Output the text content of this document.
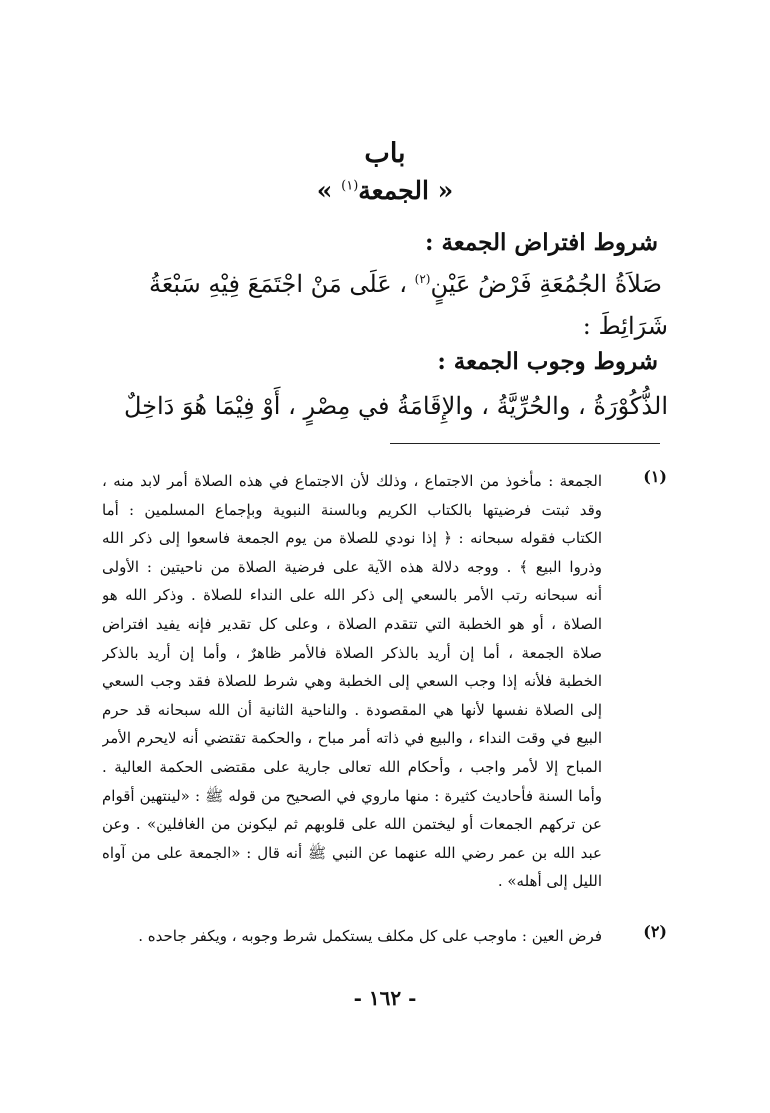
باب
« الجمعة$^{(١)}$ »
شروط افتراض الجمعة :
صَلاَةُ الجُمُعَةِ فَرْضُ عَيْنٍ$^{(٢)}$ ، عَلَى مَنْ اجْتَمَعَ فِيْهِ سَبْعَةُ
شَرَائِطَ :
شروط وجوب الجمعة :
الذُّكُوْرَةُ ، والحُرِّيَّةُ ، والإِقَامَةُ في مِصْرٍ ، أَوْ فِيْمَا هُوَ دَاخِلٌ
(١)
الجمعة : مأخوذ من الاجتماع ، وذلك لأن الاجتماع في هذه الصلاة أمر لابد منه ،
وقد ثبتت فرضيتها بالكتاب الكريم وبالسنة النبوية وبإجماع المسلمين : أما
الكتاب فقوله سبحانه : ﴿ إذا نودي للصلاة من يوم الجمعة فاسعوا إلى ذكر الله
وذروا البيع ﴾ . ووجه دلالة هذه الآية على فرضية الصلاة من ناحيتين : الأولى
أنه سبحانه رتب الأمر بالسعي إلى ذكر الله على النداء للصلاة . وذكر الله هو
الصلاة ، أو هو الخطبة التي تتقدم الصلاة ، وعلى كل تقدير فإنه يفيد افتراض
صلاة الجمعة ، أما إن أريد بالذكر الصلاة فالأمر ظاهرٌ ، وأما إن أريد بالذكر
الخطبة فلأنه إذا وجب السعي إلى الخطبة وهي شرط للصلاة فقد وجب السعي
إلى الصلاة نفسها لأنها هي المقصودة . والناحية الثانية أن الله سبحانه قد حرم
البيع في وقت النداء ، والبيع في ذاته أمر مباح ، والحكمة تقتضي أنه لايحرم الأمر
المباح إلا لأمر واجب ، وأحكام الله تعالى جارية على مقتضى الحكمة العالية .
وأما السنة فأحاديث كثيرة : منها ماروي في الصحيح من قوله ﷺ : «لينتهين أقوام
عن تركهم الجمعات أو ليختمن الله على قلوبهم ثم ليكونن من الغافلين» . وعن
عبد الله بن عمر رضي الله عنهما عن النبي ﷺ أنه قال : «الجمعة على من آواه
الليل إلى أهله» .
(٢)
فرض العين : ماوجب على كل مكلف يستكمل شرط وجوبه ، ويكفر جاحده .
- ١٦٢ -
